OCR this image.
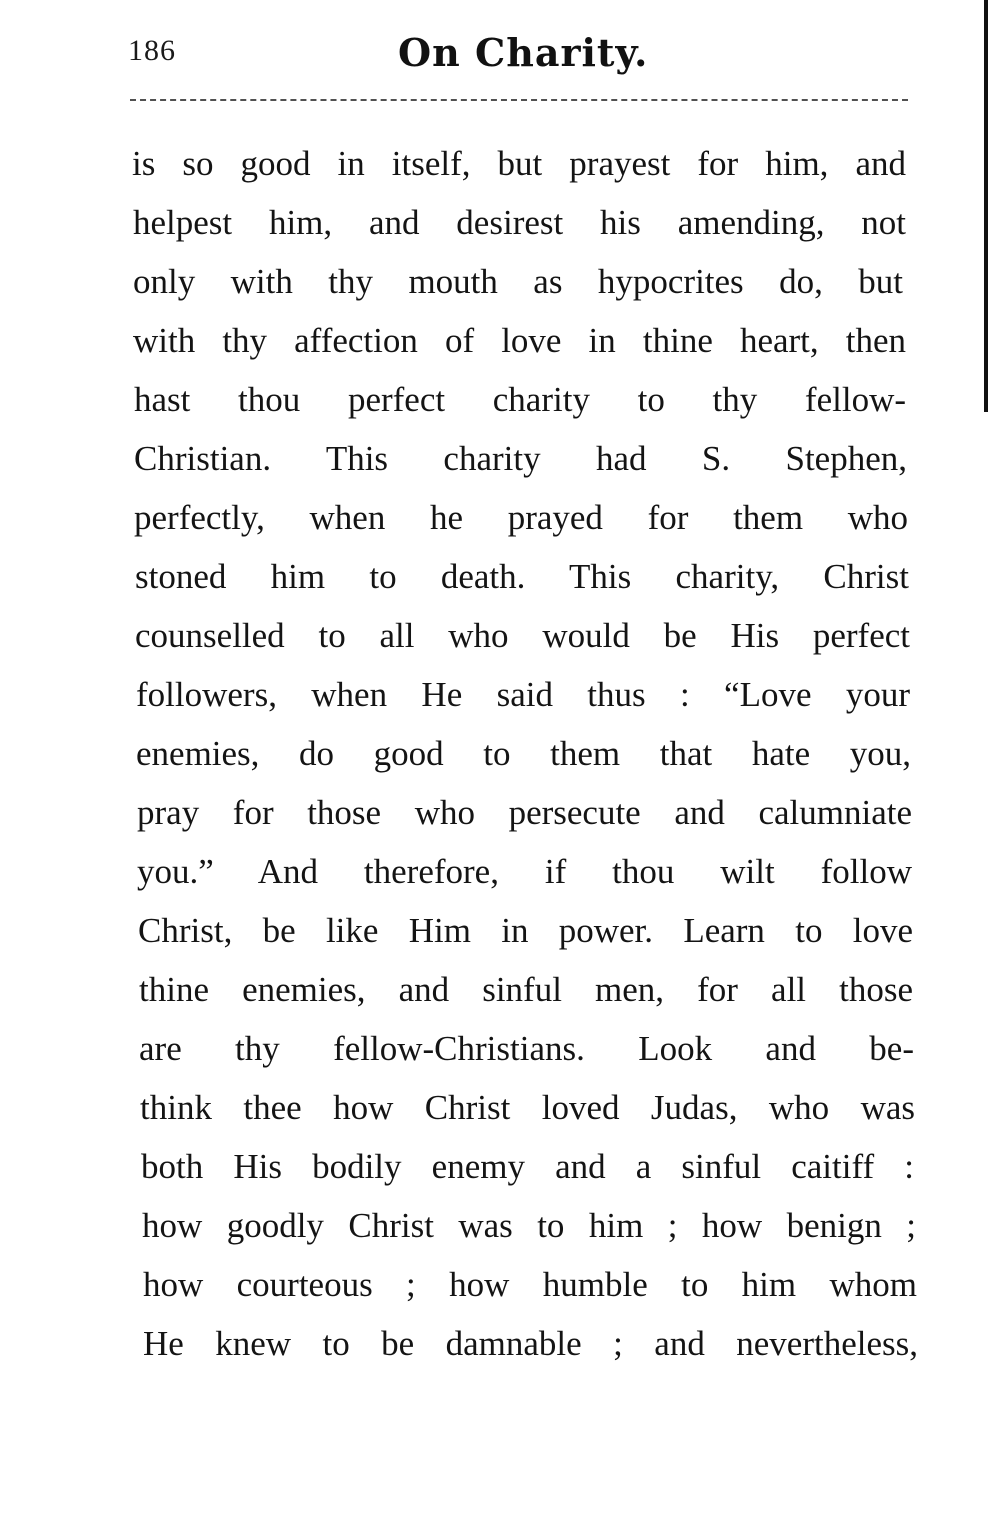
186	On Charity.
is so good in itself, but prayest for him, and
helpest him, and desirest his amending, not
only with thy mouth as hypocrites do, but
with thy affection of love in thine heart, then
hast thou perfect charity to thy fellow-
Christian. This charity had S. Stephen,
perfectly, when he prayed for them who
stoned him to death. This charity, Christ
counselled to all who would be His perfect
followers, when He said thus : “Love your
enemies, do good to them that hate you,
pray for those who persecute and calumniate
you.” And therefore, if thou wilt follow
Christ, be like Him in power. Learn to love
thine enemies, and sinful men, for all those
are thy fellow-Christians. Look and be-
think thee how Christ loved Judas, who was
both His bodily enemy and a sinful caitiff :
how goodly Christ was to him ; how benign ;
how courteous ; how humble to him whom
He knew to be damnable ; and nevertheless,
